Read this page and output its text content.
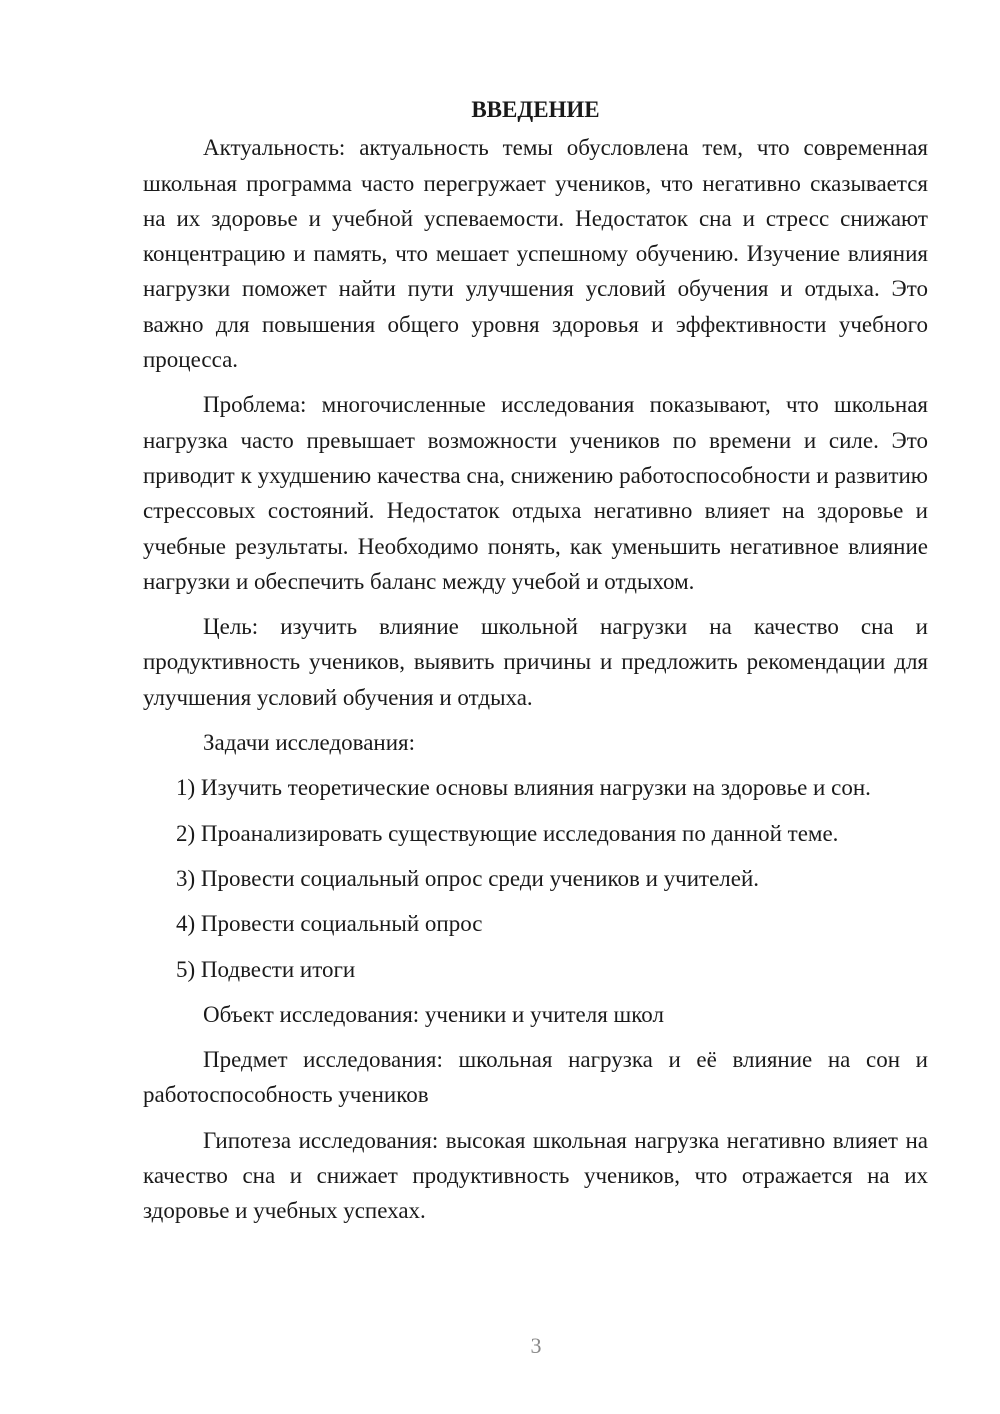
ВВЕДЕНИЕ

Актуальность: актуальность темы обусловлена тем, что современная школьная программа часто перегружает учеников, что негативно сказывается на их здоровье и учебной успеваемости. Недостаток сна и стресс снижают концентрацию и память, что мешает успешному обучению. Изучение влияния нагрузки поможет найти пути улучшения условий обучения и отдыха. Это важно для повышения общего уровня здоровья и эффективности учебного процесса.

Проблема: многочисленные исследования показывают, что школьная нагрузка часто превышает возможности учеников по времени и силе. Это приводит к ухудшению качества сна, снижению работоспособности и развитию стрессовых состояний. Недостаток отдыха негативно влияет на здоровье и учебные результаты. Необходимо понять, как уменьшить негативное влияние нагрузки и обеспечить баланс между учебой и отдыхом.

Цель: изучить влияние школьной нагрузки на качество сна и продуктивность учеников, выявить причины и предложить рекомендации для улучшения условий обучения и отдыха.

Задачи исследования:

1) Изучить теоретические основы влияния нагрузки на здоровье и сон.
2) Проанализировать существующие исследования по данной теме.
3) Провести социальный опрос среди учеников и учителей.
4) Провести социальный опрос
5) Подвести итоги

Объект исследования: ученики и учителя школ

Предмет исследования: школьная нагрузка и её влияние на сон и работоспособность учеников

Гипотеза исследования: высокая школьная нагрузка негативно влияет на качество сна и снижает продуктивность учеников, что отражается на их здоровье и учебных успехах.

3
